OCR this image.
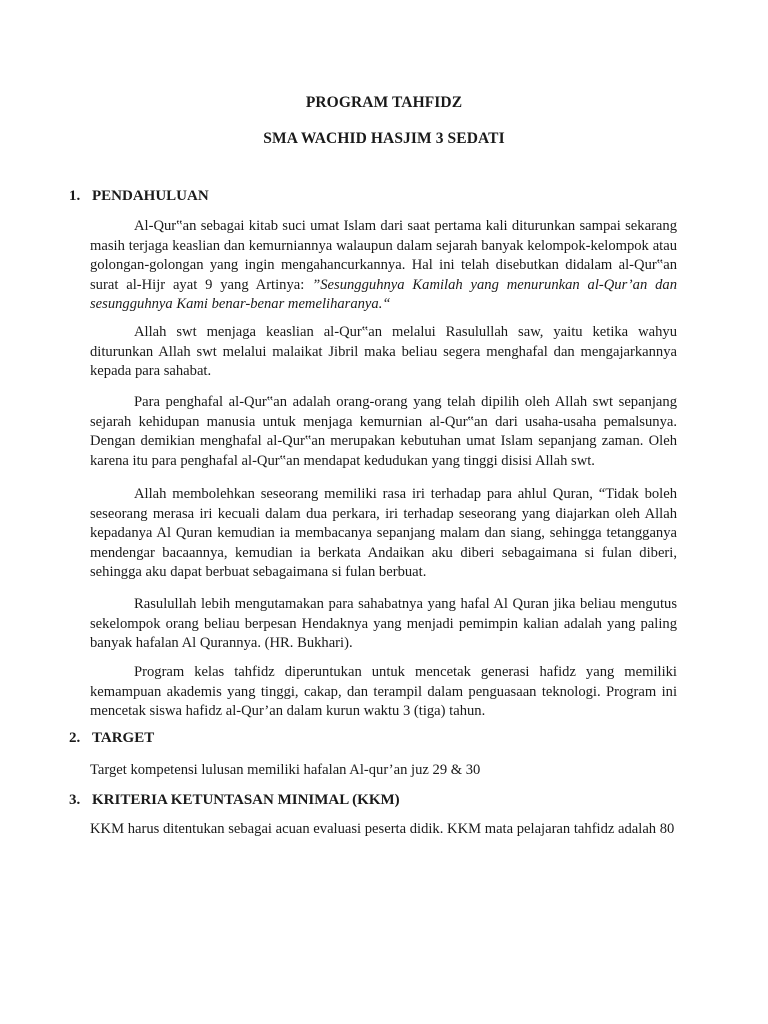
PROGRAM TAHFIDZ
SMA WACHID HASJIM 3 SEDATI
1. PENDAHULUAN
Al-Qur‟an sebagai kitab suci umat Islam dari saat pertama kali diturunkan sampai sekarang masih terjaga keaslian dan kemurniannya walaupun dalam sejarah banyak kelompok-kelompok atau golongan-golongan yang ingin mengahancurkannya. Hal ini telah disebutkan didalam al-Qur‟an surat al-Hijr ayat 9 yang Artinya: ”Sesungguhnya Kamilah yang menurunkan al-Qur’an dan sesungguhnya Kami benar-benar memeliharanya.“
Allah swt menjaga keaslian al-Qur‟an melalui Rasulullah saw, yaitu ketika wahyu diturunkan Allah swt melalui malaikat Jibril maka beliau segera menghafal dan mengajarkannya kepada para sahabat.
Para penghafal al-Qur‟an adalah orang-orang yang telah dipilih oleh Allah swt sepanjang sejarah kehidupan manusia untuk menjaga kemurnian al-Qur‟an dari usaha-usaha pemalsunya. Dengan demikian menghafal al-Qur‟an merupakan kebutuhan umat Islam sepanjang zaman. Oleh karena itu para penghafal al-Qur‟an mendapat kedudukan yang tinggi disisi Allah swt.
Allah membolehkan seseorang memiliki rasa iri terhadap para ahlul Quran, “Tidak boleh seseorang merasa iri kecuali dalam dua perkara, iri terhadap seseorang yang diajarkan oleh Allah kepadanya Al Quran kemudian ia membacanya sepanjang malam dan siang, sehingga tetangganya mendengar bacaannya, kemudian ia berkata Andaikan aku diberi sebagaimana si fulan diberi, sehingga aku dapat berbuat sebagaimana si fulan berbuat.
Rasulullah lebih mengutamakan para sahabatnya yang hafal Al Quran jika beliau mengutus sekelompok orang beliau berpesan Hendaknya yang menjadi pemimpin kalian adalah yang paling banyak hafalan Al Qurannya. (HR. Bukhari).
Program kelas tahfidz diperuntukan untuk mencetak generasi hafidz yang memiliki kemampuan akademis yang tinggi, cakap, dan terampil dalam penguasaan teknologi. Program ini mencetak siswa hafidz al-Qur’an dalam kurun waktu 3 (tiga) tahun.
2. TARGET
Target kompetensi lulusan memiliki hafalan Al-qur’an juz 29 & 30
3. KRITERIA KETUNTASAN MINIMAL (KKM)
KKM harus ditentukan sebagai acuan evaluasi peserta didik. KKM mata pelajaran tahfidz adalah 80
